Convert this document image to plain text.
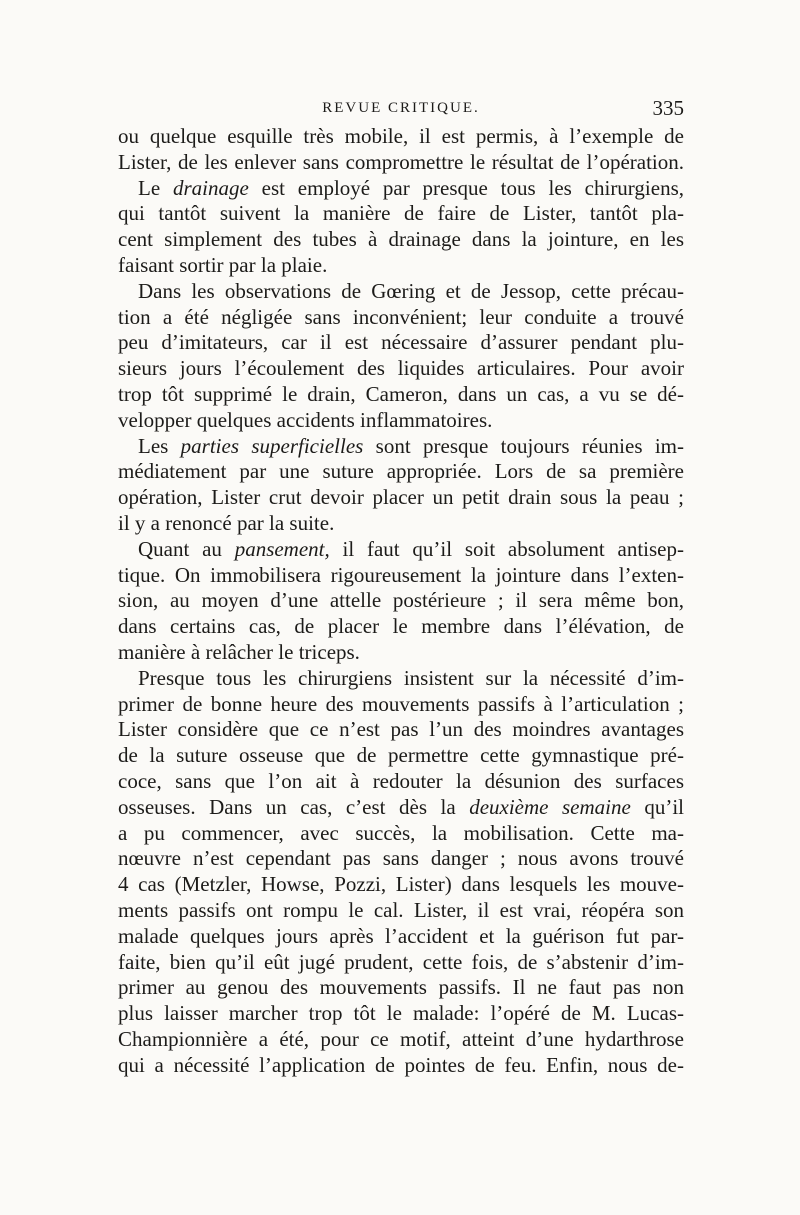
REVUE CRITIQUE.	335
ou quelque esquille très mobile, il est permis, à l’exemple de
Lister, de les enlever sans compromettre le résultat de l’opération.
Le drainage est employé par presque tous les chirurgiens,
qui tantôt suivent la manière de faire de Lister, tantôt pla-
cent simplement des tubes à drainage dans la jointure, en les
faisant sortir par la plaie.
Dans les observations de Gœring et de Jessop, cette précau-
tion a été négligée sans inconvénient; leur conduite a trouvé
peu d’imitateurs, car il est nécessaire d’assurer pendant plu-
sieurs jours l’écoulement des liquides articulaires. Pour avoir
trop tôt supprimé le drain, Cameron, dans un cas, a vu se dé-
velopper quelques accidents inflammatoires.
Les parties superficielles sont presque toujours réunies im-
médiatement par une suture appropriée. Lors de sa première
opération, Lister crut devoir placer un petit drain sous la peau ;
il y a renoncé par la suite.
Quant au pansement, il faut qu’il soit absolument antisep-
tique. On immobilisera rigoureusement la jointure dans l’exten-
sion, au moyen d’une attelle postérieure ; il sera même bon,
dans certains cas, de placer le membre dans l’élévation, de
manière à relâcher le triceps.
Presque tous les chirurgiens insistent sur la nécessité d’im-
primer de bonne heure des mouvements passifs à l’articulation ;
Lister considère que ce n’est pas l’un des moindres avantages
de la suture osseuse que de permettre cette gymnastique pré-
coce, sans que l’on ait à redouter la désunion des surfaces
osseuses. Dans un cas, c’est dès la deuxième semaine qu’il
a pu commencer, avec succès, la mobilisation. Cette ma-
nœuvre n’est cependant pas sans danger ; nous avons trouvé
4 cas (Metzler, Howse, Pozzi, Lister) dans lesquels les mouve-
ments passifs ont rompu le cal. Lister, il est vrai, réopéra son
malade quelques jours après l’accident et la guérison fut par-
faite, bien qu’il eût jugé prudent, cette fois, de s’abstenir d’im-
primer au genou des mouvements passifs. Il ne faut pas non
plus laisser marcher trop tôt le malade: l’opéré de M. Lucas-
Championnière a été, pour ce motif, atteint d’une hydarthrose
qui a nécessité l’application de pointes de feu. Enfin, nous de-
